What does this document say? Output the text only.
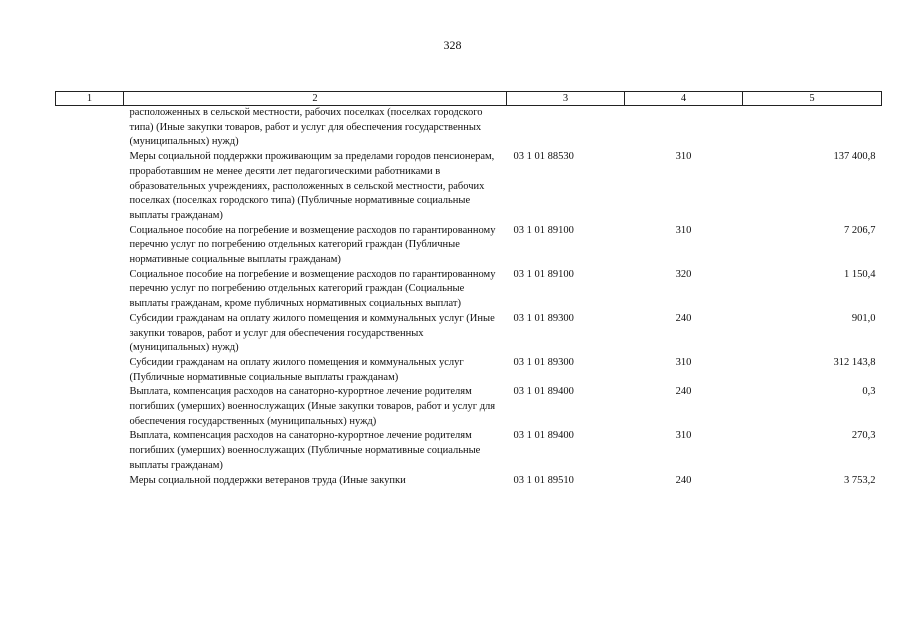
328
1	2	3	4	5
	расположенных в сельской местности, рабочих поселках (поселках городского типа) (Иные закупки товаров, работ и услуг для обеспечения государственных (муниципальных) нужд)			
	Меры социальной поддержки проживающим за пределами городов пенсионерам, проработавшим не менее десяти лет педагогическими работниками в образовательных учреждениях, расположенных в сельской местности, рабочих поселках (поселках городского типа) (Публичные нормативные социальные выплаты гражданам)	03 1 01 88530	310	137 400,8
	Социальное пособие на погребение и возмещение расходов по гарантированному перечню услуг по погребению отдельных категорий граждан (Публичные нормативные социальные выплаты гражданам)	03 1 01 89100	310	7 206,7
	Социальное пособие на погребение и возмещение расходов по гарантированному перечню услуг по погребению отдельных категорий граждан (Социальные выплаты гражданам, кроме публичных нормативных социальных выплат)	03 1 01 89100	320	1 150,4
	Субсидии гражданам на оплату жилого помещения и коммунальных услуг (Иные закупки товаров, работ и услуг для обеспечения государственных (муниципальных) нужд)	03 1 01 89300	240	901,0
	Субсидии гражданам на оплату жилого помещения и коммунальных услуг (Публичные нормативные социальные выплаты гражданам)	03 1 01 89300	310	312 143,8
	Выплата, компенсация расходов на санаторно-курортное лечение родителям погибших (умерших) военнослужащих (Иные закупки товаров, работ и услуг для обеспечения государственных (муниципальных) нужд)	03 1 01 89400	240	0,3
	Выплата, компенсация расходов на санаторно-курортное лечение родителям погибших (умерших) военнослужащих (Публичные нормативные социальные выплаты гражданам)	03 1 01 89400	310	270,3
	Меры социальной поддержки ветеранов труда (Иные закупки	03 1 01 89510	240	3 753,2
